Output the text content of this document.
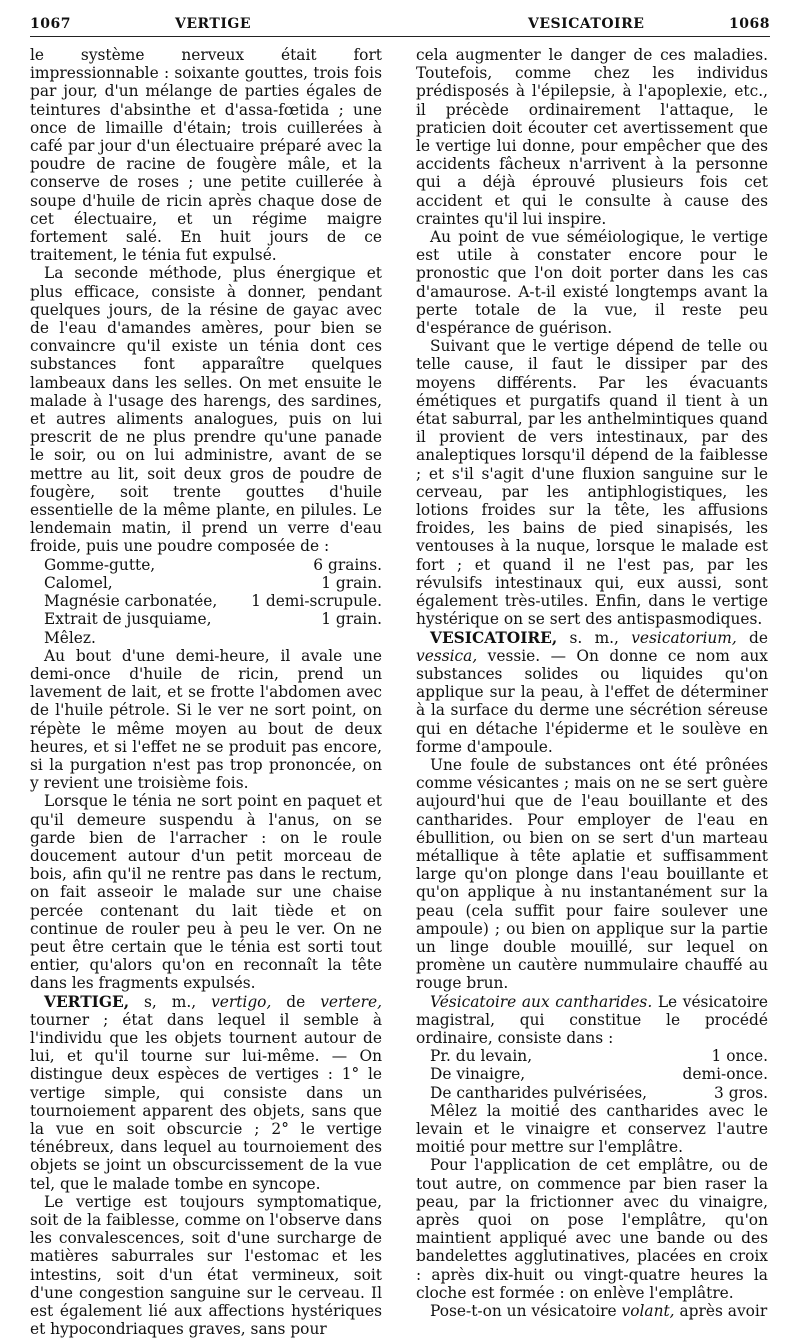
1067	VERTIGE	VESICATOIRE	1068

le système nerveux était fort impressionnable : soixante gouttes, trois fois par jour, d'un mélange de parties égales de teintures d'absinthe et d'assa-fœtida ; une once de limaille d'étain; trois cuillerées à café par jour d'un électuaire préparé avec la poudre de racine de fougère mâle, et la conserve de roses ; une petite cuillerée à soupe d'huile de ricin après chaque dose de cet électuaire, et un régime maigre fortement salé. En huit jours de ce traitement, le ténia fut expulsé.

La seconde méthode, plus énergique et plus efficace, consiste à donner, pendant quelques jours, de la résine de gayac avec de l'eau d'amandes amères, pour bien se convaincre qu'il existe un ténia dont ces substances font apparaître quelques lambeaux dans les selles. On met ensuite le malade à l'usage des harengs, des sardines, et autres aliments analogues, puis on lui prescrit de ne plus prendre qu'une panade le soir, ou on lui administre, avant de se mettre au lit, soit deux gros de poudre de fougère, soit trente gouttes d'huile essentielle de la même plante, en pilules. Le lendemain matin, il prend un verre d'eau froide, puis une poudre composée de :

Gomme-gutte,	6 grains.
Calomel,	1 grain.
Magnésie carbonatée, 1 demi-scrupule.
Extrait de jusquiame,	1 grain.
Mêlez.

Au bout d'une demi-heure, il avale une demi-once d'huile de ricin, prend un lavement de lait, et se frotte l'abdomen avec de l'huile pétrole. Si le ver ne sort point, on répète le même moyen au bout de deux heures, et si l'effet ne se produit pas encore, si la purgation n'est pas trop prononcée, on y revient une troisième fois.

Lorsque le ténia ne sort point en paquet et qu'il demeure suspendu à l'anus, on se garde bien de l'arracher : on le roule doucement autour d'un petit morceau de bois, afin qu'il ne rentre pas dans le rectum, on fait asseoir le malade sur une chaise percée contenant du lait tiède et on continue de rouler peu à peu le ver. On ne peut être certain que le ténia est sorti tout entier, qu'alors qu'on en reconnaît la tête dans les fragments expulsés.

VERTIGE, s, m., vertigo, de vertere, tourner ; état dans lequel il semble à l'individu que les objets tournent autour de lui, et qu'il tourne sur lui-même. — On distingue deux espèces de vertiges : 1° le vertige simple, qui consiste dans un tournoiement apparent des objets, sans que la vue en soit obscurcie ; 2° le vertige ténébreux, dans lequel au tournoiement des objets se joint un obscurcissement de la vue tel, que le malade tombe en syncope.

Le vertige est toujours symptomatique, soit de la faiblesse, comme on l'observe dans les convalescences, soit d'une surcharge de matières saburrales sur l'estomac et les intestins, soit d'un état vermineux, soit d'une congestion sanguine sur le cerveau. Il est également lié aux affections hystériques et hypocondriaques graves, sans pour

cela augmenter le danger de ces maladies. Toutefois, comme chez les individus prédisposés à l'épilepsie, à l'apoplexie, etc., il précède ordinairement l'attaque, le praticien doit écouter cet avertissement que le vertige lui donne, pour empêcher que des accidents fâcheux n'arrivent à la personne qui a déjà éprouvé plusieurs fois cet accident et qui le consulte à cause des craintes qu'il lui inspire.

Au point de vue séméiologique, le vertige est utile à constater encore pour le pronostic que l'on doit porter dans les cas d'amaurose. A-t-il existé longtemps avant la perte totale de la vue, il reste peu d'espérance de guérison.

Suivant que le vertige dépend de telle ou telle cause, il faut le dissiper par des moyens différents. Par les évacuants émétiques et purgatifs quand il tient à un état saburral, par les anthelmintiques quand il provient de vers intestinaux, par des analeptiques lorsqu'il dépend de la faiblesse ; et s'il s'agit d'une fluxion sanguine sur le cerveau, par les antiphlogistiques, les lotions froides sur la tête, les affusions froides, les bains de pied sinapisés, les ventouses à la nuque, lorsque le malade est fort ; et quand il ne l'est pas, par les révulsifs intestinaux qui, eux aussi, sont également très-utiles. Enfin, dans le vertige hystérique on se sert des antispasmodiques.

VESICATOIRE, s. m., vesicatorium, de vessica, vessie. — On donne ce nom aux substances solides ou liquides qu'on applique sur la peau, à l'effet de déterminer à la surface du derme une sécrétion séreuse qui en détache l'épiderme et le soulève en forme d'ampoule.

Une foule de substances ont été prônées comme vésicantes ; mais on ne se sert guère aujourd'hui que de l'eau bouillante et des cantharides. Pour employer de l'eau en ébullition, ou bien on se sert d'un marteau métallique à tête aplatie et suffisamment large qu'on plonge dans l'eau bouillante et qu'on applique à nu instantanément sur la peau (cela suffit pour faire soulever une ampoule) ; ou bien on applique sur la partie un linge double mouillé, sur lequel on promène un cautère nummulaire chauffé au rouge brun.

Vésicatoire aux cantharides. Le vésicatoire magistral, qui constitue le procédé ordinaire, consiste dans :

Pr. du levain,	1 once.
De vinaigre,	demi-once.
De cantharides pulvérisées,	3 gros.

Mêlez la moitié des cantharides avec le levain et le vinaigre et conservez l'autre moitié pour mettre sur l'emplâtre.

Pour l'application de cet emplâtre, ou de tout autre, on commence par bien raser la peau, par la frictionner avec du vinaigre, après quoi on pose l'emplâtre, qu'on maintient appliqué avec une bande ou des bandelettes agglutinatives, placées en croix : après dix-huit ou vingt-quatre heures la cloche est formée : on enlève l'emplâtre.

Pose-t-on un vésicatoire volant, après avoir
